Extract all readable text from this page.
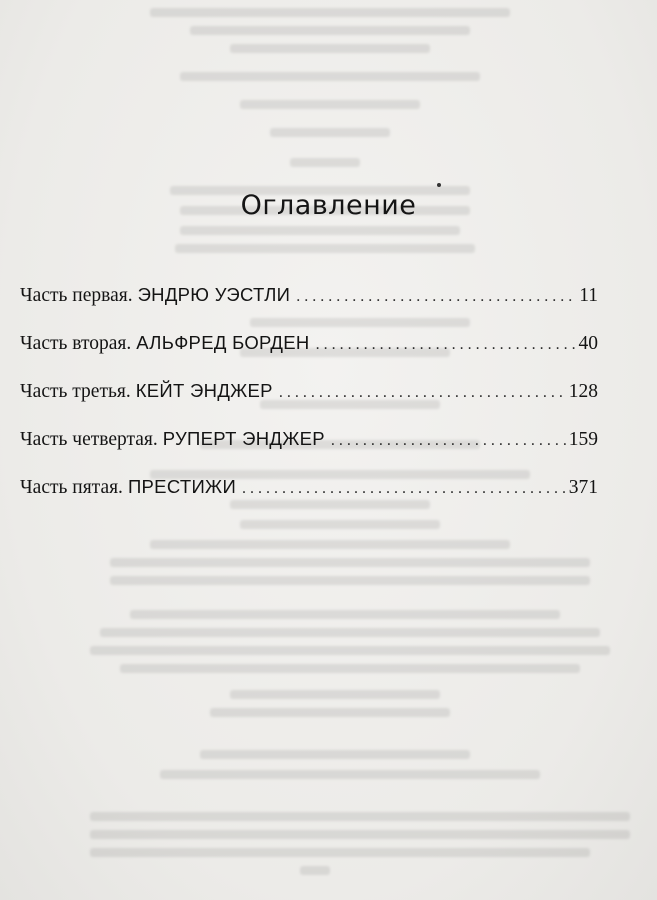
Оглавление
Часть первая. ЭНДРЮ УЭСТЛИ . . .	11
Часть вторая. АЛЬФРЕД БОРДЕН . . .	40
Часть третья. КЕЙТ ЭНДЖЕР . . .	128
Часть четвертая. РУПЕРТ ЭНДЖЕР . . .	159
Часть пятая. ПРЕСТИЖИ . . .	371
